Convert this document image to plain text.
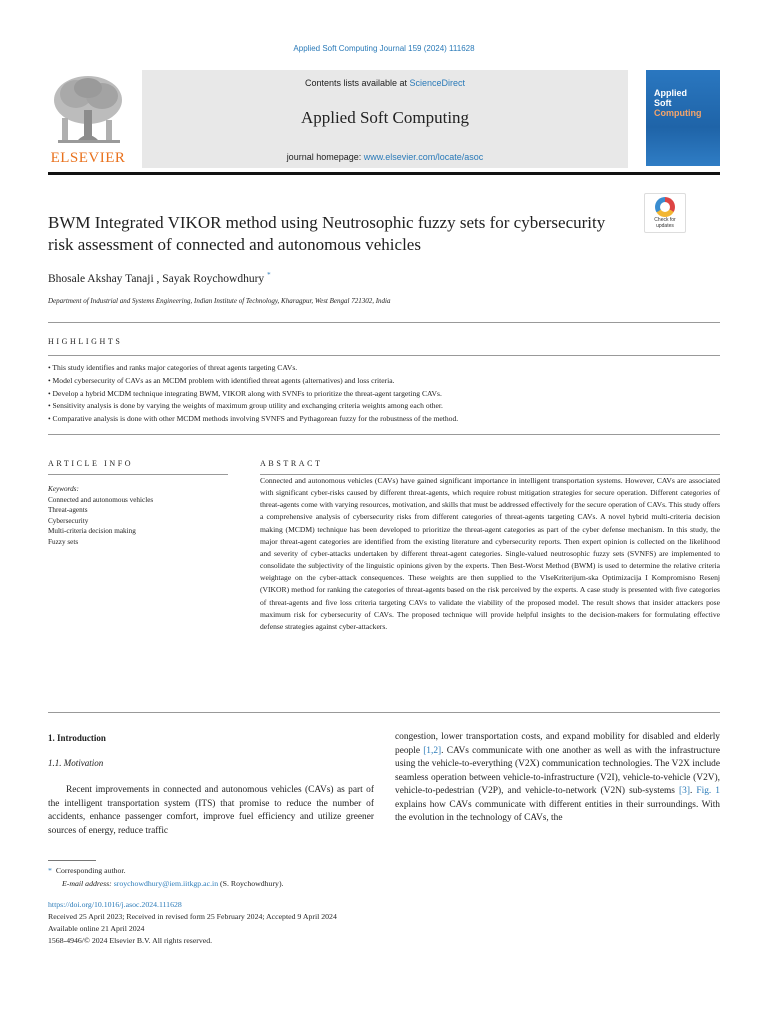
Applied Soft Computing Journal 159 (2024) 111628
ELSEVIER
Contents lists available at ScienceDirect
Applied Soft Computing
journal homepage: www.elsevier.com/locate/asoc
Applied
Soft
Computing
Check for
updates
BWM Integrated VIKOR method using Neutrosophic fuzzy sets for cybersecurity risk assessment of connected and autonomous vehicles
Bhosale Akshay Tanaji , Sayak Roychowdhury *
Department of Industrial and Systems Engineering, Indian Institute of Technology, Kharagpur, West Bengal 721302, India
HIGHLIGHTS
• This study identifies and ranks major categories of threat agents targeting CAVs.
• Model cybersecurity of CAVs as an MCDM problem with identified threat agents (alternatives) and loss criteria.
• Develop a hybrid MCDM technique integrating BWM, VIKOR along with SVNFs to prioritize the threat-agent targeting CAVs.
• Sensitivity analysis is done by varying the weights of maximum group utility and exchanging criteria weights among each other.
• Comparative analysis is done with other MCDM methods involving SVNFS and Pythagorean fuzzy for the robustness of the method.
ARTICLE INFO	ABSTRACT
Keywords:
Connected and autonomous vehicles
Threat-agents
Cybersecurity
Multi-criteria decision making
Fuzzy sets
Connected and autonomous vehicles (CAVs) have gained significant importance in intelligent transportation systems. However, CAVs are associated with significant cyber-risks caused by different threat-agents, which require robust mitigation strategies for secure operation. Different categories of threat-agents come with varying resources, motivation, and skills that must be addressed effectively for the secure operation of CAVs. This study offers a comprehensive analysis of cybersecurity risks from different categories of threat-agents targeting CAVs. A novel hybrid multi-criteria decision making (MCDM) technique has been developed to prioritize the threat-agent categories as part of the cyber defense mechanism. In this study, the major threat-agent categories are identified from the existing literature and cybersecurity reports. Then expert opinion is collected on the likelihood and severity of cyber-attacks undertaken by different threat-agent categories. Single-valued neutrosophic fuzzy sets (SVNFS) are implemented to consolidate the subjectivity of the linguistic opinions given by the experts. Then Best-Worst Method (BWM) is used to determine the relative criteria weightage on the cyber-attack consequences. These weights are then supplied to the VlseKriterijum-ska Optimizacija I Kompromisno Resenj (VIKOR) method for ranking the categories of threat-agents based on the risk perceived by the experts. A case study is presented with five categories of threat-agents and five loss criteria targeting CAVs to validate the viability of the proposed model. The result shows that insider attackers pose maximum risk for cybersecurity of CAVs. The proposed technique will provide helpful insights to the decision-makers for formulating effective defense strategies against cyber-attackers.
1. Introduction
1.1. Motivation
Recent improvements in connected and autonomous vehicles (CAVs) as part of the intelligent transportation system (ITS) that promise to reduce the number of accidents, enhance passenger comfort, improve fuel efficiency and utilize greener sources of energy, reduce traffic
congestion, lower transportation costs, and expand mobility for disabled and elderly people [1,2]. CAVs communicate with one another as well as with the infrastructure using the vehicle-to-everything (V2X) communication technologies. The V2X include seamless operation between vehicle-to-infrastructure (V2I), vehicle-to-vehicle (V2V), vehicle-to-pedestrian (V2P), and vehicle-to-network (V2N) sub-systems [3]. Fig. 1 explains how CAVs communicate with different entities in their surroundings. With the evolution in the technology of CAVs, the
* Corresponding author.
E-mail address: sroychowdhury@iem.iitkgp.ac.in (S. Roychowdhury).
https://doi.org/10.1016/j.asoc.2024.111628
Received 25 April 2023; Received in revised form 25 February 2024; Accepted 9 April 2024
Available online 21 April 2024
1568-4946/© 2024 Elsevier B.V. All rights reserved.
